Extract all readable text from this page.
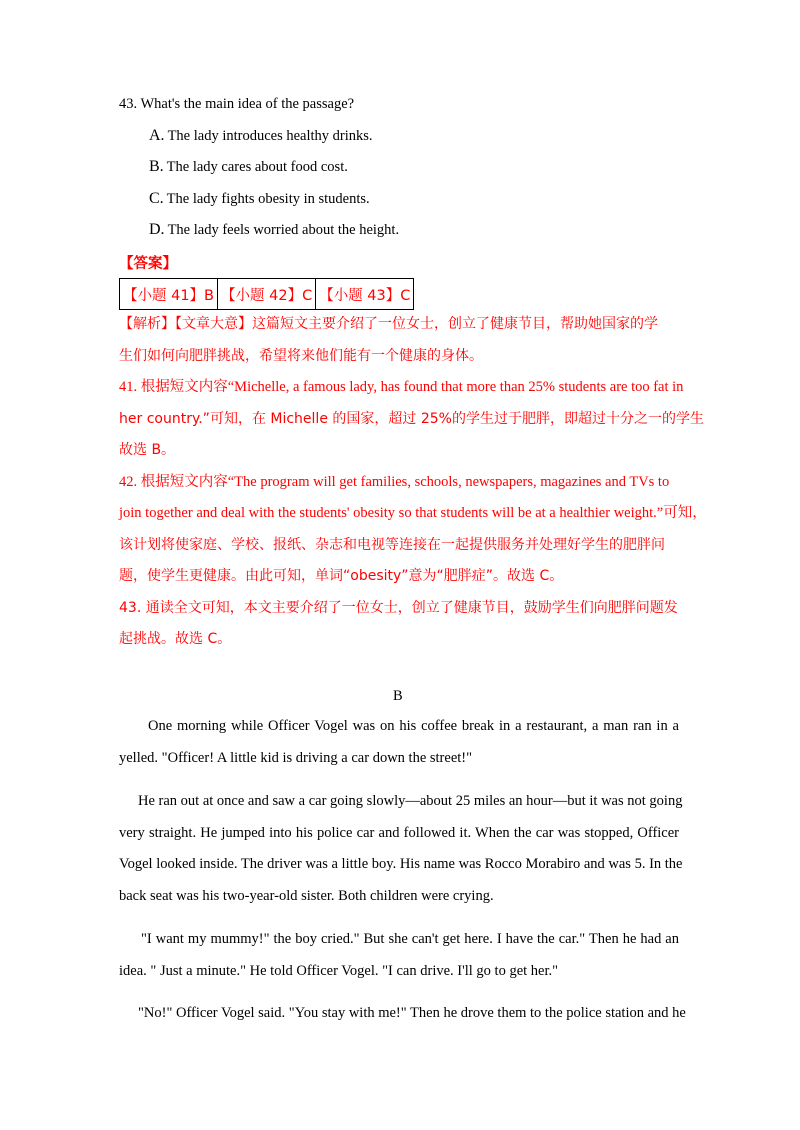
43. What's the main idea of the passage?
A. The lady introduces healthy drinks.
B. The lady cares about food cost.
C. The lady fights obesity in students.
D. The lady feels worried about the height.
【答案】
【小题 41】B	【小题 42】C	【小题 43】C
【解析】【文章大意】这篇短文主要介绍了一位女士，创立了健康节目，帮助她国家的学
生们如何向肥胖挑战，希望将来他们能有一个健康的身体。
41. 根据短文内容“Michelle, a famous lady, has found that more than 25% students are too fat in
her country.”可知，在 Michelle 的国家，超过 25%的学生过于肥胖，即超过十分之一的学生
故选 B。
42. 根据短文内容“The program will get families, schools, newspapers, magazines and TVs to
join together and deal with the students' obesity so that students will be at a healthier weight.”可知，
该计划将使家庭、学校、报纸、杂志和电视等连接在一起提供服务并处理好学生的肥胖问
题，使学生更健康。由此可知，单词“obesity”意为“肥胖症”。故选 C。
43. 通读全文可知，本文主要介绍了一位女士，创立了健康节目，鼓励学生们向肥胖问题发
起挑战。故选 C。
B
One morning while Officer Vogel was on his coffee break in a restaurant, a man ran in a
yelled. "Officer! A little kid is driving a car down the street!"
He ran out at once and saw a car going slowly—about 25 miles an hour—but it was not going
very straight. He jumped into his police car and followed it. When the car was stopped, Officer
Vogel looked inside. The driver was a little boy. His name was Rocco Morabiro and was 5. In the
back seat was his two-year-old sister. Both children were crying.
"I want my mummy!" the boy cried." But she can't get here. I have the car." Then he had an
idea. " Just a minute." He told Officer Vogel. "I can drive. I'll go to get her."
"No!" Officer Vogel said. "You stay with me!" Then he drove them to the police station and he
